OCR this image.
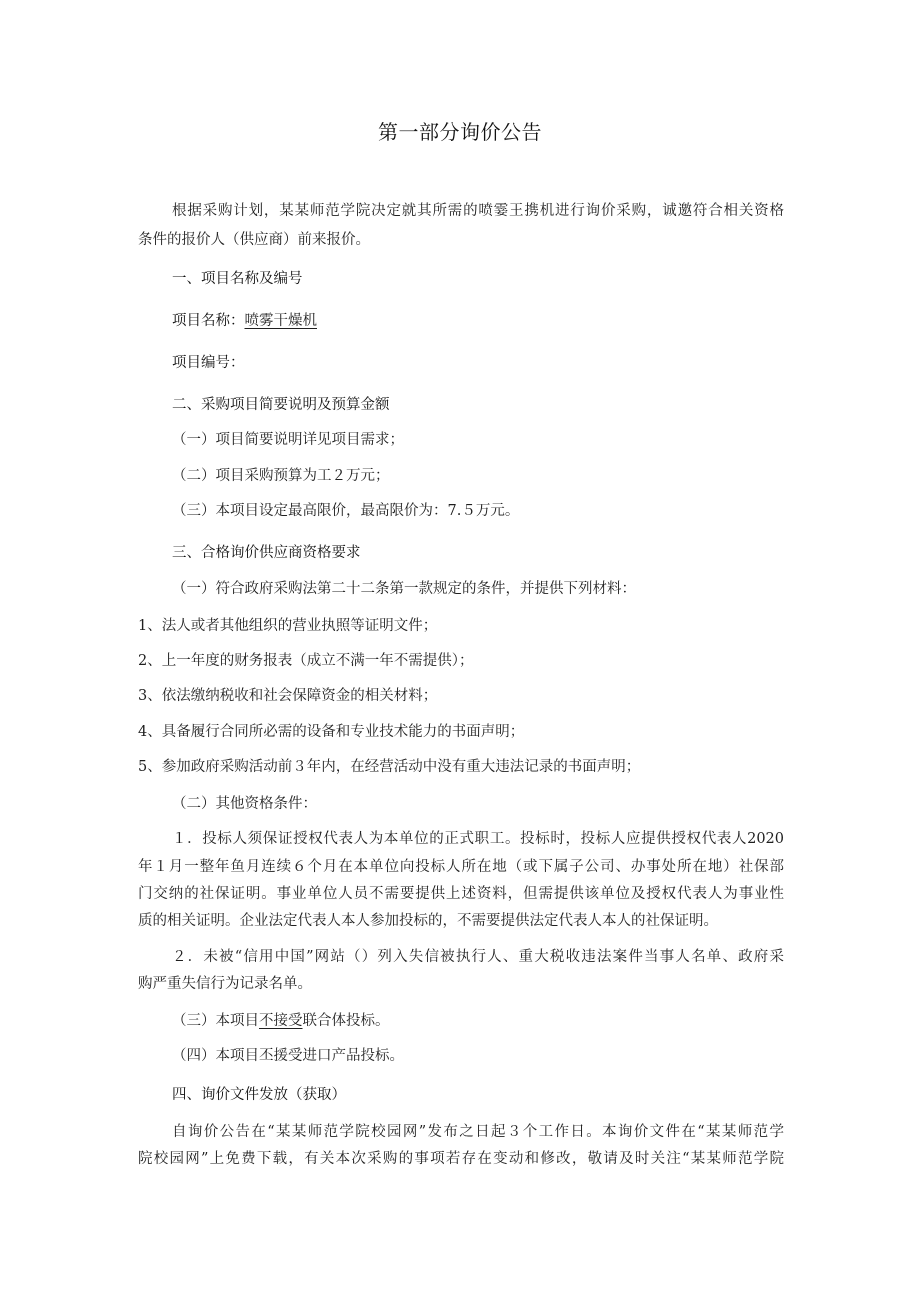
第一部分询价公告
根据采购计划，某某师范学院决定就其所需的喷霎王携机进行询价采购，诚邀符合相关资格
条件的报价人（供应商）前来报价。
一、项目名称及编号
项目名称：喷雾干燥机
项目编号：
二、采购项目简要说明及预算金额
（一）项目简要说明详见项目需求；
（二）项目采购预算为工２万元；
（三）本项目设定最高限价，最高限价为：7.５万元。
三、合格询价供应商资格要求
（一）符合政府采购法第二十二条第一款规定的条件，并提供下列材料：
1、法人或者其他组织的营业执照等证明文件；
2、上一年度的财务报表（成立不满一年不需提供）；
3、依法缴纳税收和社会保障资金的相关材料；
4、具备履行合同所必需的设备和专业技术能力的书面声明；
5、参加政府采购活动前３年内，在经营活动中没有重大违法记录的书面声明；
（二）其他资格条件：
１．投标人须保证授权代表人为本单位的正式职工。投标时，投标人应提供授权代表人2020
年１月一整年鱼月连续６个月在本单位向投标人所在地（或下属子公司、办事处所在地）社保部
门交纳的社保证明。事业单位人员不需要提供上述资料，但需提供该单位及授权代表人为事业性
质的相关证明。企业法定代表人本人参加投标的，不需要提供法定代表人本人的社保证明。
２．未被“信用中国”网站（）列入失信被执行人、重大税收违法案件当事人名单、政府采
购严重失信行为记录名单。
（三）本项目不接受联合体投标。
（四）本项目丕援受进口产品投标。
四、询价文件发放（获取）
自询价公告在“某某师范学院校园网”发布之日起３个工作日。本询价文件在“某某师范学
院校园网”上免费下载，有关本次采购的事项若存在变动和修改，敬请及时关注“某某师范学院
